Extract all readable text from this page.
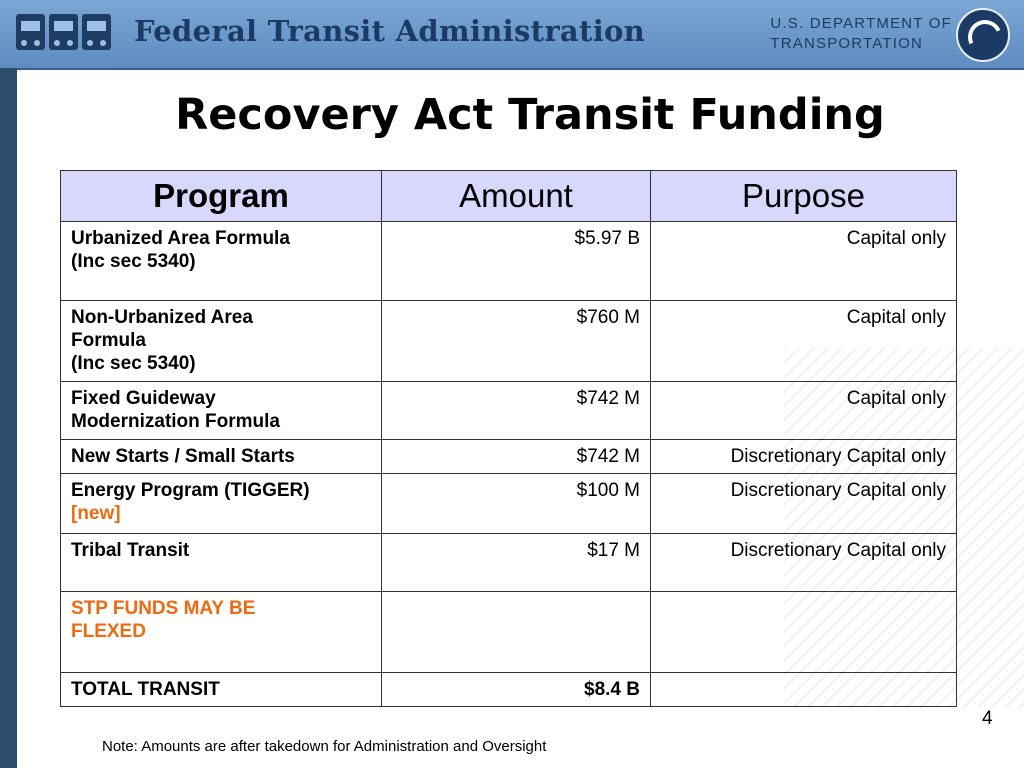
Federal Transit Administration	U.S. DEPARTMENT OF
TRANSPORTATION
Recovery Act Transit Funding
Program	Amount	Purpose
Urbanized Area Formula
(Inc sec 5340)	$5.97 B	Capital only
Non-Urbanized Area
Formula
(Inc sec 5340)	$760 M	Capital only
Fixed Guideway
Modernization Formula	$742 M	Capital only
New Starts / Small Starts	$742 M	Discretionary Capital only
Energy Program (TIGGER)
[new]	$100 M	Discretionary Capital only
Tribal Transit	$17 M	Discretionary Capital only
STP FUNDS MAY BE
FLEXED		
TOTAL TRANSIT	$8.4 B	
4
Note: Amounts are after takedown for Administration and Oversight
